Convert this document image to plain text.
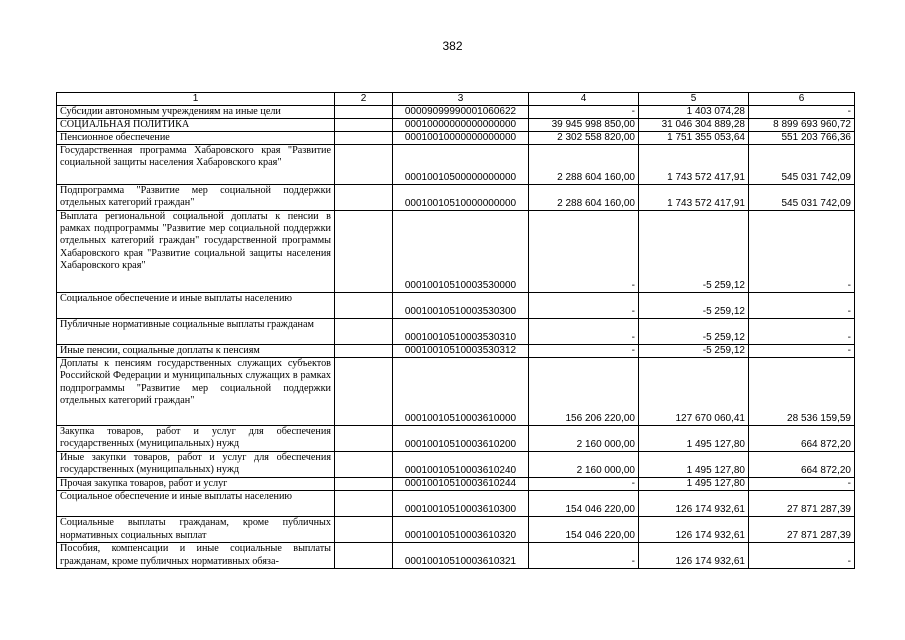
382
1	2	3	4	5	6
Субсидии автономным учреждениям на иные цели		00009099990001060622	-	1 403 074,28	-
СОЦИАЛЬНАЯ ПОЛИТИКА		00010000000000000000	39 945 998 850,00	31 046 304 889,28	8 899 693 960,72
Пенсионное обеспечение		00010010000000000000	2 302 558 820,00	1 751 355 053,64	551 203 766,36
Государственная программа Хабаровского края "Развитие социальной защиты населения Хабаровского края"		00010010500000000000	2 288 604 160,00	1 743 572 417,91	545 031 742,09
Подпрограмма "Развитие мер социальной поддержки отдельных категорий граждан"		00010010510000000000	2 288 604 160,00	1 743 572 417,91	545 031 742,09
Выплата региональной социальной доплаты к пенсии в рамках подпрограммы "Развитие мер социальной поддержки отдельных категорий граждан" государственной программы Хабаровского края "Развитие социальной защиты населения Хабаровского края"		00010010510003530000	-	-5 259,12	-
Социальное обеспечение и иные выплаты населению		00010010510003530300	-	-5 259,12	-
Публичные нормативные социальные выплаты гражданам		00010010510003530310	-	-5 259,12	-
Иные пенсии, социальные доплаты к пенсиям		00010010510003530312	-	-5 259,12	-
Доплаты к пенсиям государственных служащих субъектов Российской Федерации и муниципальных служащих в рамках подпрограммы "Развитие мер социальной поддержки отдельных категорий граждан"		00010010510003610000	156 206 220,00	127 670 060,41	28 536 159,59
Закупка товаров, работ и услуг для обеспечения государственных (муниципальных) нужд		00010010510003610200	2 160 000,00	1 495 127,80	664 872,20
Иные закупки товаров, работ и услуг для обеспечения государственных (муниципальных) нужд		00010010510003610240	2 160 000,00	1 495 127,80	664 872,20
Прочая закупка товаров, работ и услуг		00010010510003610244	-	1 495 127,80	-
Социальное обеспечение и иные выплаты населению		00010010510003610300	154 046 220,00	126 174 932,61	27 871 287,39
Социальные выплаты гражданам, кроме публичных нормативных социальных выплат		00010010510003610320	154 046 220,00	126 174 932,61	27 871 287,39
Пособия, компенсации и иные социальные выплаты гражданам, кроме публичных нормативных обяза-		00010010510003610321	-	126 174 932,61	-
